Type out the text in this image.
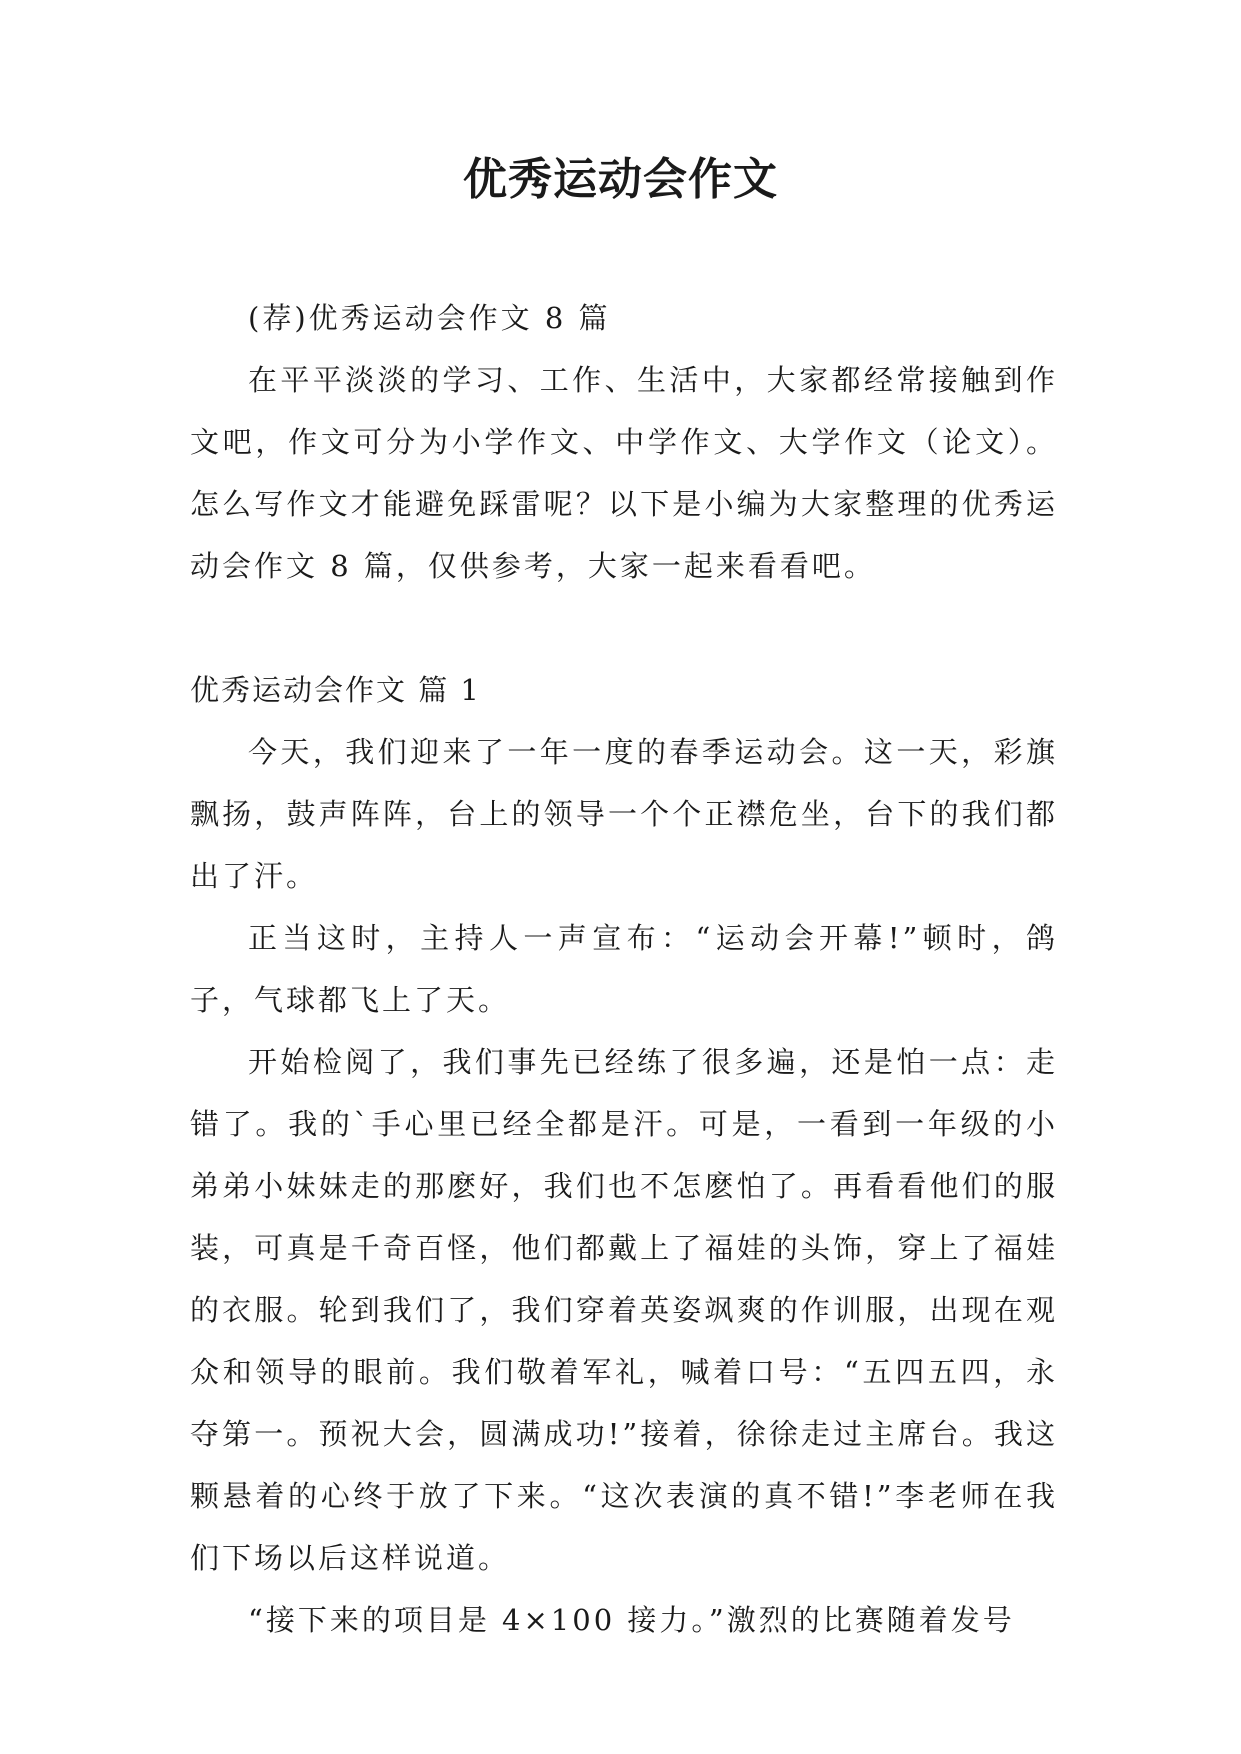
优秀运动会作文

(荐)优秀运动会作文 8 篇

在平平淡淡的学习、工作、生活中，大家都经常接触到作文吧，作文可分为小学作文、中学作文、大学作文（论文）。怎么写作文才能避免踩雷呢？以下是小编为大家整理的优秀运动会作文 8 篇，仅供参考，大家一起来看看吧。

优秀运动会作文 篇 1

今天，我们迎来了一年一度的春季运动会。这一天，彩旗飘扬，鼓声阵阵，台上的领导一个个正襟危坐，台下的我们都出了汗。

正当这时，主持人一声宣布：“运动会开幕!”顿时，鸽子，气球都飞上了天。

开始检阅了，我们事先已经练了很多遍，还是怕一点：走错了。我的`手心里已经全都是汗。可是，一看到一年级的小弟弟小妹妹走的那麽好，我们也不怎麽怕了。再看看他们的服装，可真是千奇百怪，他们都戴上了福娃的头饰，穿上了福娃的衣服。轮到我们了，我们穿着英姿飒爽的作训服，出现在观众和领导的眼前。我们敬着军礼，喊着口号：“五四五四，永夺第一。预祝大会，圆满成功!”接着，徐徐走过主席台。我这颗悬着的心终于放了下来。“这次表演的真不错!”李老师在我们下场以后这样说道。

“接下来的项目是 4×100 接力。”激烈的比赛随着发号
